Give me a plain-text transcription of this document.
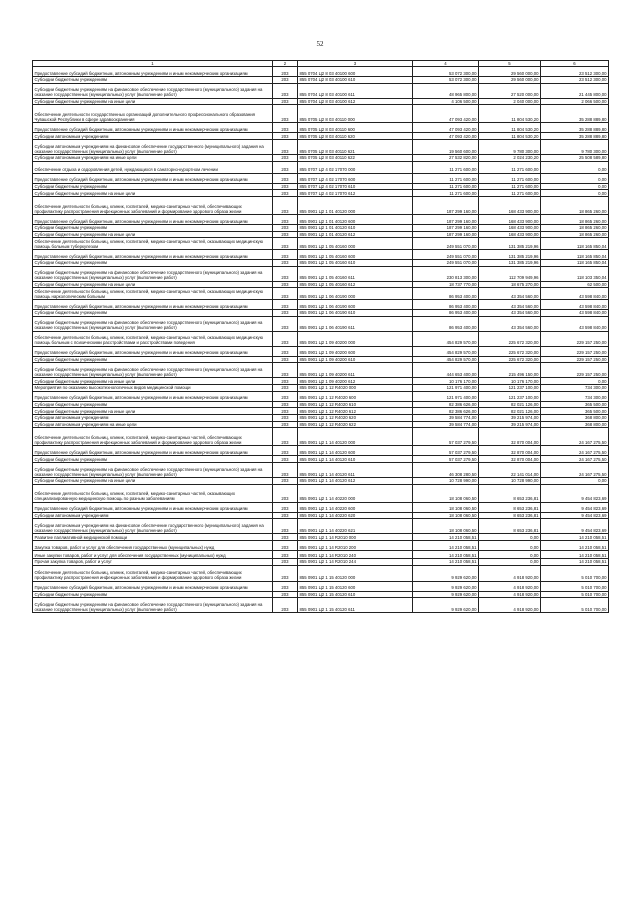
52
1	2	3	4	5	6
Предоставление субсидий бюджетным, автономным учреждениям и иным некоммерческим организациям	203	855 0704 Ц2 8 03 40100 600	53 072 300,00	29 560 000,00	23 512 300,00
Субсидии бюджетным учреждениям	203	855 0704 Ц2 8 03 40100 610	53 072 300,00	29 560 000,00	23 512 300,00
Субсидии бюджетным учреждениям на финансовое обеспечение государственного (муниципального) задания на оказание государственных (муниципальных) услуг (выполнение работ)	203	855 0704 Ц2 8 03 40100 611	48 965 800,00	27 520 000,00	21 445 800,00
Субсидии бюджетным учреждениям на иные цели	203	855 0704 Ц2 8 03 40100 612	4 106 500,00	2 040 000,00	2 066 500,00
Обеспечение деятельности государственных организаций дополнительного профессионального образования Чувашской Республики в сфере здравоохранения	203	855 0705 Ц2 8 03 40110 000	47 093 420,00	11 804 530,20	35 288 889,80
Предоставление субсидий бюджетным, автономным учреждениям и иным некоммерческим организациям	203	855 0705 Ц2 8 03 40110 600	47 093 420,00	11 804 530,20	35 288 889,80
Субсидии автономным учреждениям	203	855 0705 Ц2 8 03 40110 620	47 093 420,00	11 804 530,20	35 288 889,80
Субсидии автономным учреждениям на финансовое обеспечение государственного (муниципального) задания на оказание государственных (муниципальных) услуг (выполнение работ)	203	855 0705 Ц2 8 03 40110 621	19 560 600,00	9 780 300,00	9 780 300,00
Субсидии автономным учреждениям на иные цели	203	855 0705 Ц2 8 03 40110 622	27 532 820,00	2 024 230,20	25 508 589,80
Обеспечение отдыха и оздоровления детей, нуждающихся в санаторно-курортном лечении	203	855 0707 Ц2 4 02 17070 000	11 271 600,00	11 271 600,00	0,00
Предоставление субсидий бюджетным, автономным учреждениям и иным некоммерческим организациям	203	855 0707 Ц2 4 02 17070 600	11 271 600,00	11 271 600,00	0,00
Субсидии бюджетным учреждениям	203	855 0707 Ц2 4 02 17070 610	11 271 600,00	11 271 600,00	0,00
Субсидии бюджетным учреждениям на иные цели	203	855 0707 Ц2 4 02 17070 612	11 271 600,00	11 271 600,00	0,00
Обеспечение деятельности больниц, клиник, госпиталей, медико-санитарных частей, обеспечивающих профилактику распространения инфекционных заболеваний и формирование здорового образа жизни	203	855 0901 Ц2 1 01 40120 000	187 299 160,00	168 433 900,00	18 865 260,00
Предоставление субсидий бюджетным, автономным учреждениям и иным некоммерческим организациям	203	855 0901 Ц2 1 01 40120 600	187 299 160,00	168 433 900,00	18 865 260,00
Субсидии бюджетным учреждениям	203	855 0901 Ц2 1 01 40120 610	187 299 160,00	168 433 900,00	18 865 260,00
Субсидии бюджетным учреждениям на иные цели	203	855 0901 Ц2 1 01 40120 612	187 299 160,00	168 433 900,00	18 865 260,00
Обеспечение деятельности больниц, клиник, госпиталей, медико-санитарных частей, оказывающих медицинскую помощь больным туберкулезом	203	855 0901 Ц2 1 05 40160 000	249 551 070,00	131 385 219,96	118 165 850,04
Предоставление субсидий бюджетным, автономным учреждениям и иным некоммерческим организациям	203	855 0901 Ц2 1 05 40160 600	249 551 070,00	131 385 219,96	118 165 850,04
Субсидии бюджетным учреждениям	203	855 0901 Ц2 1 05 40160 610	249 551 070,00	131 385 219,96	118 165 850,04
Субсидии бюджетным учреждениям на финансовое обеспечение государственного (муниципального) задания на оказание государственных (муниципальных) услуг (выполнение работ)	203	855 0901 Ц2 1 05 40160 611	230 813 300,00	112 709 949,96	118 103 350,04
Субсидии бюджетным учреждениям на иные цели	203	855 0901 Ц2 1 05 40160 612	18 737 770,00	18 675 270,00	62 500,00
Обеспечение деятельности больниц, клиник, госпиталей, медико-санитарных частей, оказывающих медицинскую помощь наркологическим больным	203	855 0901 Ц2 1 06 40190 000	86 953 400,00	43 354 560,00	43 598 840,00
Предоставление субсидий бюджетным, автономным учреждениям и иным некоммерческим организациям	203	855 0901 Ц2 1 06 40190 600	86 953 400,00	43 354 560,00	43 598 840,00
Субсидии бюджетным учреждениям	203	855 0901 Ц2 1 06 40190 610	86 953 400,00	43 354 560,00	43 598 840,00
Субсидии бюджетным учреждениям на финансовое обеспечение государственного (муниципального) задания на оказание государственных (муниципальных) услуг (выполнение работ)	203	855 0901 Ц2 1 06 40190 611	86 953 400,00	43 354 560,00	43 598 840,00
Обеспечение деятельности больниц, клиник, госпиталей, медико-санитарных частей, оказывающих медицинскую помощь больным с психическими расстройствами и расстройствами поведения	203	855 0901 Ц2 1 09 40200 000	454 829 570,00	225 672 320,00	229 157 250,00
Предоставление субсидий бюджетным, автономным учреждениям и иным некоммерческим организациям	203	855 0901 Ц2 1 09 40200 600	454 829 570,00	225 672 320,00	229 157 250,00
Субсидии бюджетным учреждениям	203	855 0901 Ц2 1 09 40200 610	454 829 570,00	225 672 320,00	229 157 250,00
Субсидии бюджетным учреждениям на финансовое обеспечение государственного (муниципального) задания на оказание государственных (муниципальных) услуг (выполнение работ)	203	855 0901 Ц2 1 09 40200 611	444 653 400,00	215 496 150,00	229 157 250,00
Субсидии бюджетным учреждениям на иные цели	203	855 0901 Ц2 1 09 40200 612	10 176 170,00	10 176 170,00	0,00
Мероприятия по оказанию высокотехнологичных видов медицинской помощи	203	855 0901 Ц2 1 12 R4020 000	121 971 400,00	121 237 100,00	734 300,00
Предоставление субсидий бюджетным, автономным учреждениям и иным некоммерческим организациям	203	855 0901 Ц2 1 12 R4020 600	121 971 400,00	121 237 100,00	734 300,00
Субсидии бюджетным учреждениям	203	855 0901 Ц2 1 12 R4020 610	82 386 626,00	82 021 126,00	365 500,00
Субсидии бюджетным учреждениям на иные цели	203	855 0901 Ц2 1 12 R4020 612	82 386 626,00	82 021 126,00	365 500,00
Субсидии автономным учреждениям	203	855 0901 Ц2 1 12 R4020 620	39 584 774,00	39 215 974,00	368 800,00
Субсидии автономным учреждениям на иные цели	203	855 0901 Ц2 1 12 R4020 622	39 584 774,00	39 215 974,00	368 800,00
Обеспечение деятельности больниц, клиник, госпиталей, медико-санитарных частей, обеспечивающих профилактику распространения инфекционных заболеваний и формирование здорового образа жизни	203	855 0901 Ц2 1 14 40120 000	57 037 279,50	32 870 004,00	24 167 275,50
Предоставление субсидий бюджетным, автономным учреждениям и иным некоммерческим организациям	203	855 0901 Ц2 1 14 40120 600	57 037 279,50	32 870 004,00	24 167 275,50
Субсидии бюджетным учреждениям	203	855 0901 Ц2 1 14 40120 610	57 037 279,50	32 870 004,00	24 167 275,50
Субсидии бюджетным учреждениям на финансовое обеспечение государственного (муниципального) задания на оказание государственных (муниципальных) услуг (выполнение работ)	203	855 0901 Ц2 1 14 40120 611	46 308 280,50	22 141 014,00	24 167 275,50
Субсидии бюджетным учреждениям на иные цели	203	855 0901 Ц2 1 14 40120 612	10 728 990,00	10 728 990,00	0,00
Обеспечение деятельности больниц, клиник, госпиталей, медико-санитарных частей, оказывающих специализированную медицинскую помощь по разным заболеваниям	203	855 0901 Ц2 1 14 40220 000	18 108 060,50	8 653 236,81	9 454 823,69
Предоставление субсидий бюджетным, автономным учреждениям и иным некоммерческим организациям	203	855 0901 Ц2 1 14 40220 600	18 108 060,50	8 653 236,81	9 454 823,69
Субсидии автономным учреждениям	203	855 0901 Ц2 1 14 40220 620	18 108 060,50	8 653 236,81	9 454 823,69
Субсидии автономным учреждениям на финансовое обеспечение государственного (муниципального) задания на оказание государственных (муниципальных) услуг (выполнение работ)	203	855 0901 Ц2 1 14 40220 621	18 108 060,50	8 653 236,81	9 454 823,69
Развитие паллиативной медицинской помощи	203	855 0901 Ц2 1 14 R2010 000	14 210 058,51	0,00	14 210 058,51
Закупка товаров, работ и услуг для обеспечения государственных (муниципальных) нужд	203	855 0901 Ц2 1 14 R2010 200	14 210 058,51	0,00	14 210 058,51
Иные закупки товаров, работ и услуг для обеспечения государственных (муниципальных) нужд	203	855 0901 Ц2 1 14 R2010 240	14 210 058,51	0,00	14 210 058,51
Прочая закупка товаров, работ и услуг	203	855 0901 Ц2 1 14 R2010 244	14 210 058,51	0,00	14 210 058,51
Обеспечение деятельности больниц, клиник, госпиталей, медико-санитарных частей, обеспечивающих профилактику распространения инфекционных заболеваний и формирование здорового образа жизни	203	855 0901 Ц2 1 15 40120 000	9 929 620,00	4 918 920,00	5 010 700,00
Предоставление субсидий бюджетным, автономным учреждениям и иным некоммерческим организациям	203	855 0901 Ц2 1 15 40120 600	9 929 620,00	4 918 920,00	5 010 700,00
Субсидии бюджетным учреждениям	203	855 0901 Ц2 1 15 40120 610	9 929 620,00	4 918 920,00	5 010 700,00
Субсидии бюджетным учреждениям на финансовое обеспечение государственного (муниципального) задания на оказание государственных (муниципальных) услуг (выполнение работ)	203	855 0901 Ц2 1 15 40120 611	9 929 620,00	4 918 920,00	5 010 700,00
